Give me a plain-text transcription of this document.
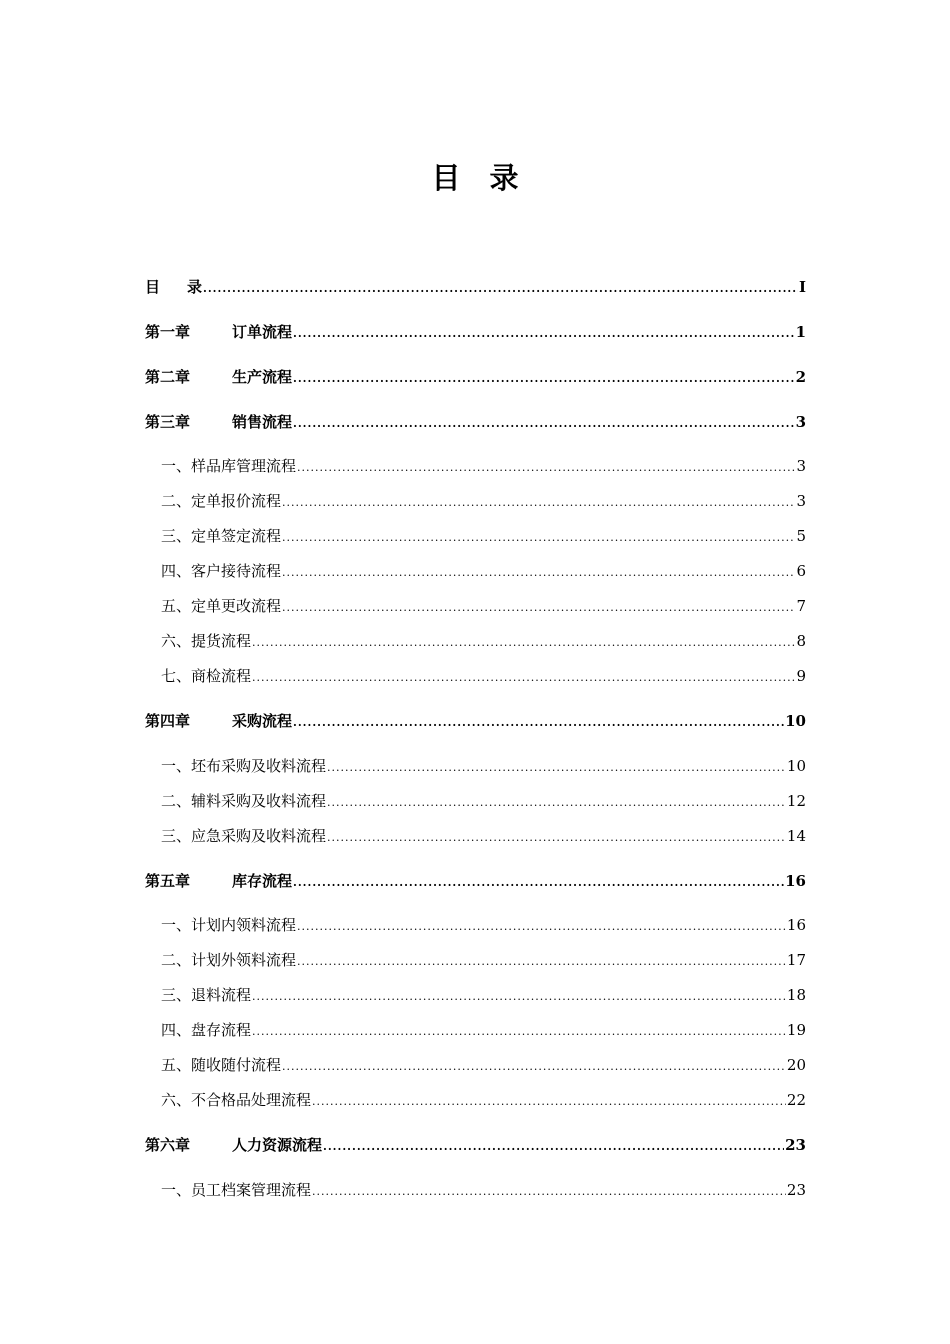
目　录
目 录 .....	I
第一章	订单流程 .....	1
第二章	生产流程 .....	2
第三章	销售流程 .....	3
一、样品库管理流程 .....	3
二、定单报价流程 .....	3
三、定单签定流程 .....	5
四、客户接待流程 .....	6
五、定单更改流程 .....	7
六、提货流程 .....	8
七、商检流程 .....	9
第四章	采购流程 .....	10
一、坯布采购及收料流程 .....	10
二、辅料采购及收料流程 .....	12
三、应急采购及收料流程 .....	14
第五章	库存流程 .....	16
一、计划内领料流程 .....	16
二、计划外领料流程 .....	17
三、退料流程 .....	18
四、盘存流程 .....	19
五、随收随付流程 .....	20
六、不合格品处理流程 .....	22
第六章	人力资源流程 .....	23
一、员工档案管理流程 .....	23
